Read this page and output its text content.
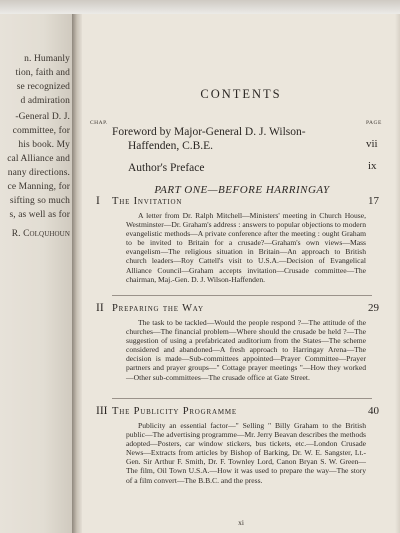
n. Humanly
tion, faith and
se recognized
d admiration
-General D. J.
committee, for
his book. My
cal Alliance and
nany directions.
ce Manning, for
sifting so much
s, as well as for
R. Colquhoun
CONTENTS
CHAP.	PAGE
Foreword by Major-General D. J. Wilson-
Haffenden, C.B.E.	vii
Author's Preface	ix
PART ONE—BEFORE HARRINGAY
I The Invitation	17

A letter from Dr. Ralph Mitchell—Ministers' meeting in Church House, Westminster—Dr. Graham's address : answers to popular objections to modern evangelistic methods—A private conference after the meeting : ought Graham to be invited to Britain for a crusade?—Graham's own views—Mass evangelism—The religious situation in Britain—An approach to British church leaders—Roy Cattell's visit to U.S.A.—Decision of Evangelical Alliance Council—Graham accepts invitation—Crusade committee—The chairman, Maj.-Gen. D. J. Wilson-Haffenden.

II Preparing the Way	29

The task to be tackled—Would the people respond ?—The attitude of the churches—The financial problem—Where should the crusade be held ?—The suggestion of using a prefabricated auditorium from the States—The scheme considered and abandoned—A fresh approach to Harringay Arena—The decision is made—Sub-committees appointed—Prayer Committee—Prayer partners and prayer groups—" Cottage prayer meetings "—How they worked—Other sub-committees—The crusade office at Gate Street.

III The Publicity Programme	40

Publicity an essential factor—" Selling " Billy Graham to the British public—The advertising programme—Mr. Jerry Beavan describes the methods adopted—Posters, car window stickers, bus tickets, etc.—London Crusade News—Extracts from articles by Bishop of Barking, Dr. W. E. Sangster, Lt.-Gen. Sir Arthur F. Smith, Dr. F. Townley Lord, Canon Bryan S. W. Green—The film, Oil Town U.S.A.—How it was used to prepare the way—The story of a film convert—The B.B.C. and the press.

xi
